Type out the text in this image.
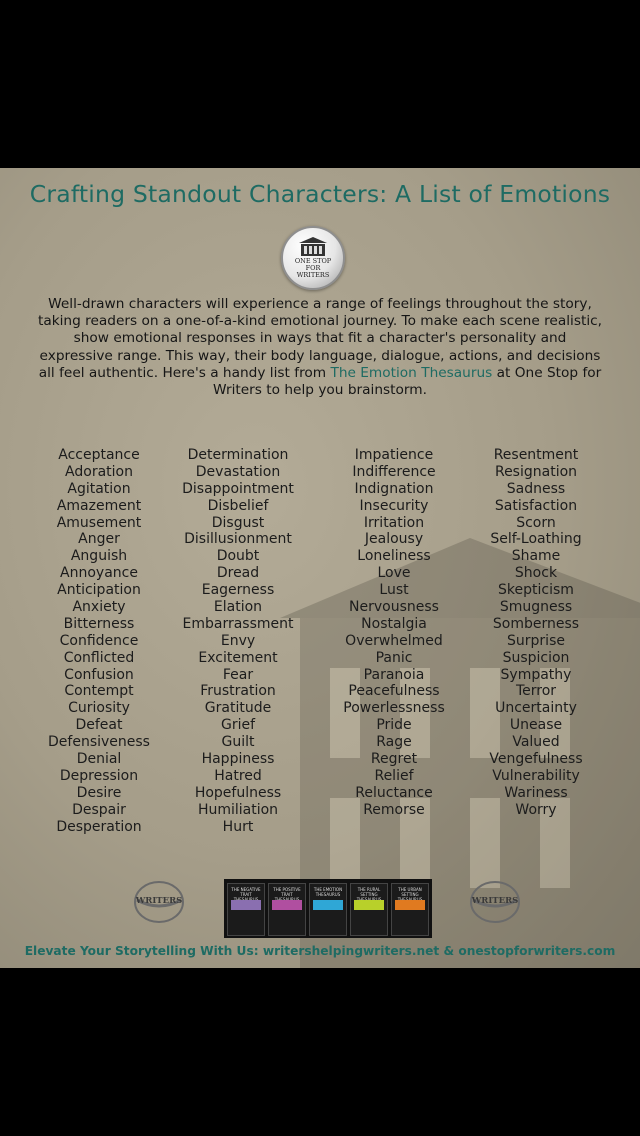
Crafting Standout Characters: A List of Emotions
ONE STOP
FOR
WRITERS
Well-drawn characters will experience a range of feelings throughout the story, taking readers on a one-of-a-kind emotional journey. To make each scene realistic, show emotional responses in ways that fit a character's personality and expressive range. This way, their body language, dialogue, actions, and decisions all feel authentic. Here's a handy list from The Emotion Thesaurus at One Stop for Writers to help you brainstorm.
Acceptance
Adoration
Agitation
Amazement
Amusement
Anger
Anguish
Annoyance
Anticipation
Anxiety
Bitterness
Confidence
Conflicted
Confusion
Contempt
Curiosity
Defeat
Defensiveness
Denial
Depression
Desire
Despair
Desperation
Determination
Devastation
Disappointment
Disbelief
Disgust
Disillusionment
Doubt
Dread
Eagerness
Elation
Embarrassment
Envy
Excitement
Fear
Frustration
Gratitude
Grief
Guilt
Happiness
Hatred
Hopefulness
Humiliation
Hurt
Impatience
Indifference
Indignation
Insecurity
Irritation
Jealousy
Loneliness
Love
Lust
Nervousness
Nostalgia
Overwhelmed
Panic
Paranoia
Peacefulness
Powerlessness
Pride
Rage
Regret
Relief
Reluctance
Remorse
Resentment
Resignation
Sadness
Satisfaction
Scorn
Self-Loathing
Shame
Shock
Skepticism
Smugness
Somberness
Surprise
Suspicion
Sympathy
Terror
Uncertainty
Unease
Valued
Vengefulness
Vulnerability
Wariness
Worry
WRITERS
THE NEGATIVE TRAIT
THE POSITIVE TRAIT
THE EMOTION THESAURUS
THE RURAL SETTING
THE URBAN SETTING
WRITERS
Elevate Your Storytelling With Us: writershelpingwriters.net & onestopforwriters.com
